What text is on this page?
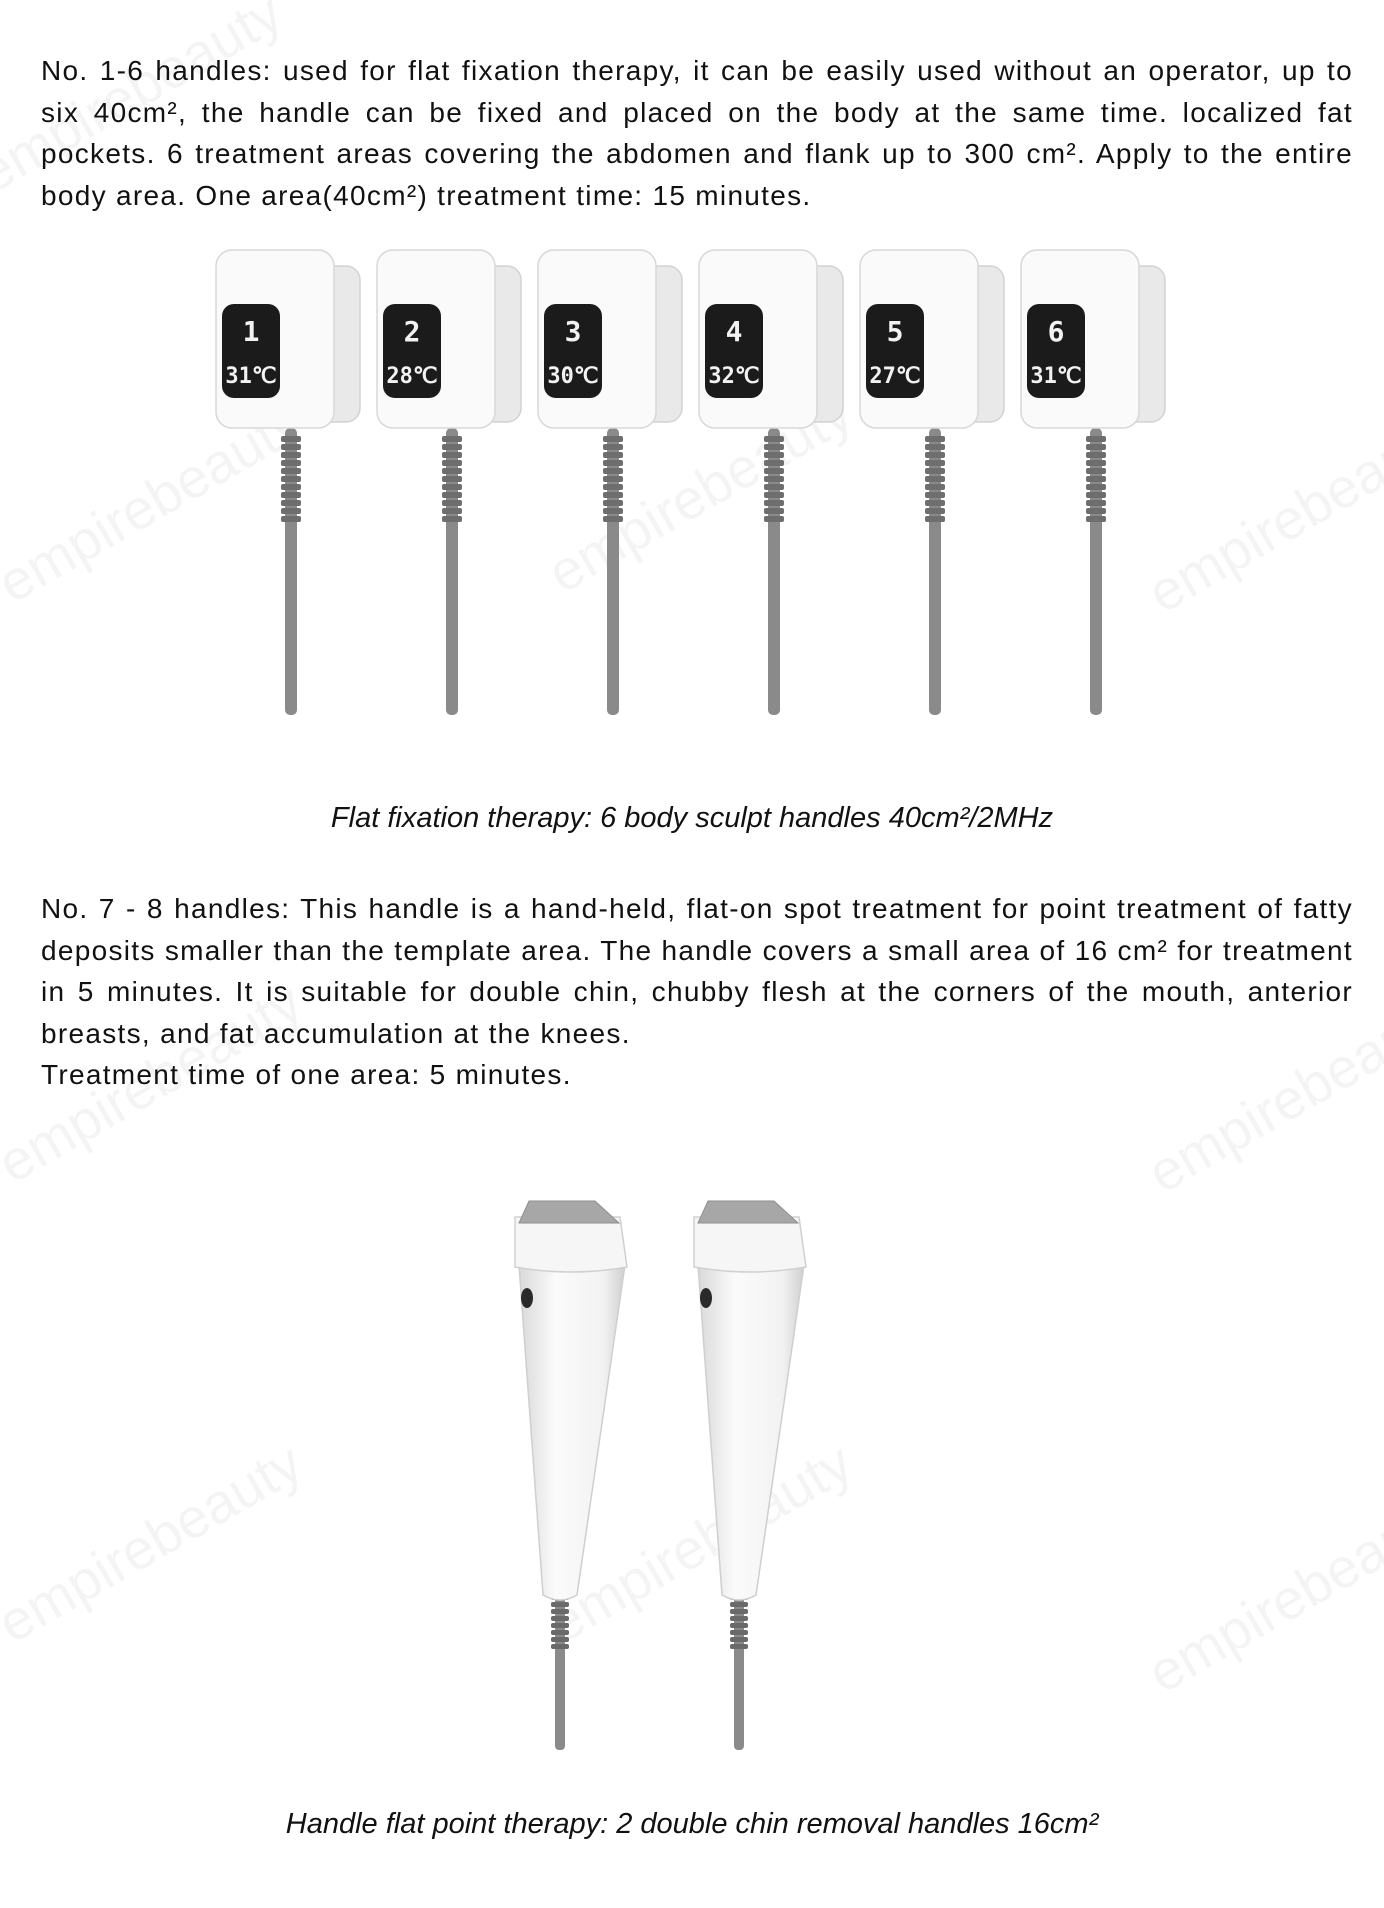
No. 1-6 handles: used for flat fixation therapy, it can be easily used without an operator, up to six 40cm², the handle can be fixed and placed on the body at the same time. localized fat pockets. 6 treatment areas covering the abdomen and flank up to 300 cm². Apply to the entire body area. One area(40cm²) treatment time: 15 minutes.

1
31℃
2
28℃
3
30℃
4
32℃
5
27℃
6
31℃

Flat fixation therapy: 6 body sculpt handles 40cm²/2MHz

No. 7 - 8 handles: This handle is a hand-held, flat-on spot treatment for point treatment of fatty deposits smaller than the template area. The handle covers a small area of 16 cm² for treatment in 5 minutes. It is suitable for double chin, chubby flesh at the corners of the mouth, anterior breasts, and fat accumulation at the knees.
Treatment time of one area: 5 minutes.

Handle flat point therapy: 2 double chin removal handles 16cm²
